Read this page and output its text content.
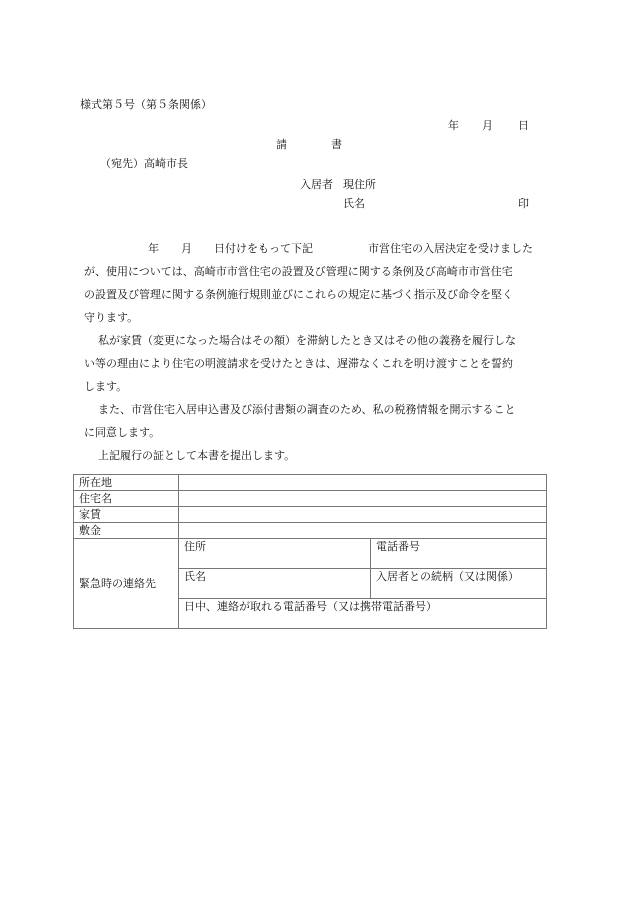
様式第５号（第５条関係）
年 月 日
請　　　　書
（宛先）高崎市長
入居者 現住所
氏名	印
年　　月　　日付けをもって下記　　　　　市営住宅の入居決定を受けました
が、使用については、高崎市市営住宅の設置及び管理に関する条例及び高崎市市営住宅
の設置及び管理に関する条例施行規則並びにこれらの規定に基づく指示及び命令を堅く
守ります。
私が家賃（変更になった場合はその額）を滞納したとき又はその他の義務を履行しな
い等の理由により住宅の明渡請求を受けたときは、遅滞なくこれを明け渡すことを誓約
します。
また、市営住宅入居申込書及び添付書類の調査のため、私の税務情報を開示すること
に同意します。
上記履行の証として本書を提出します。
所在地		
住宅名		
家賃		
敷金		
緊急時の連絡先	住所	電話番号
	氏名	入居者との続柄（又は関係）
	日中、連絡が取れる電話番号（又は携帯電話番号）	
